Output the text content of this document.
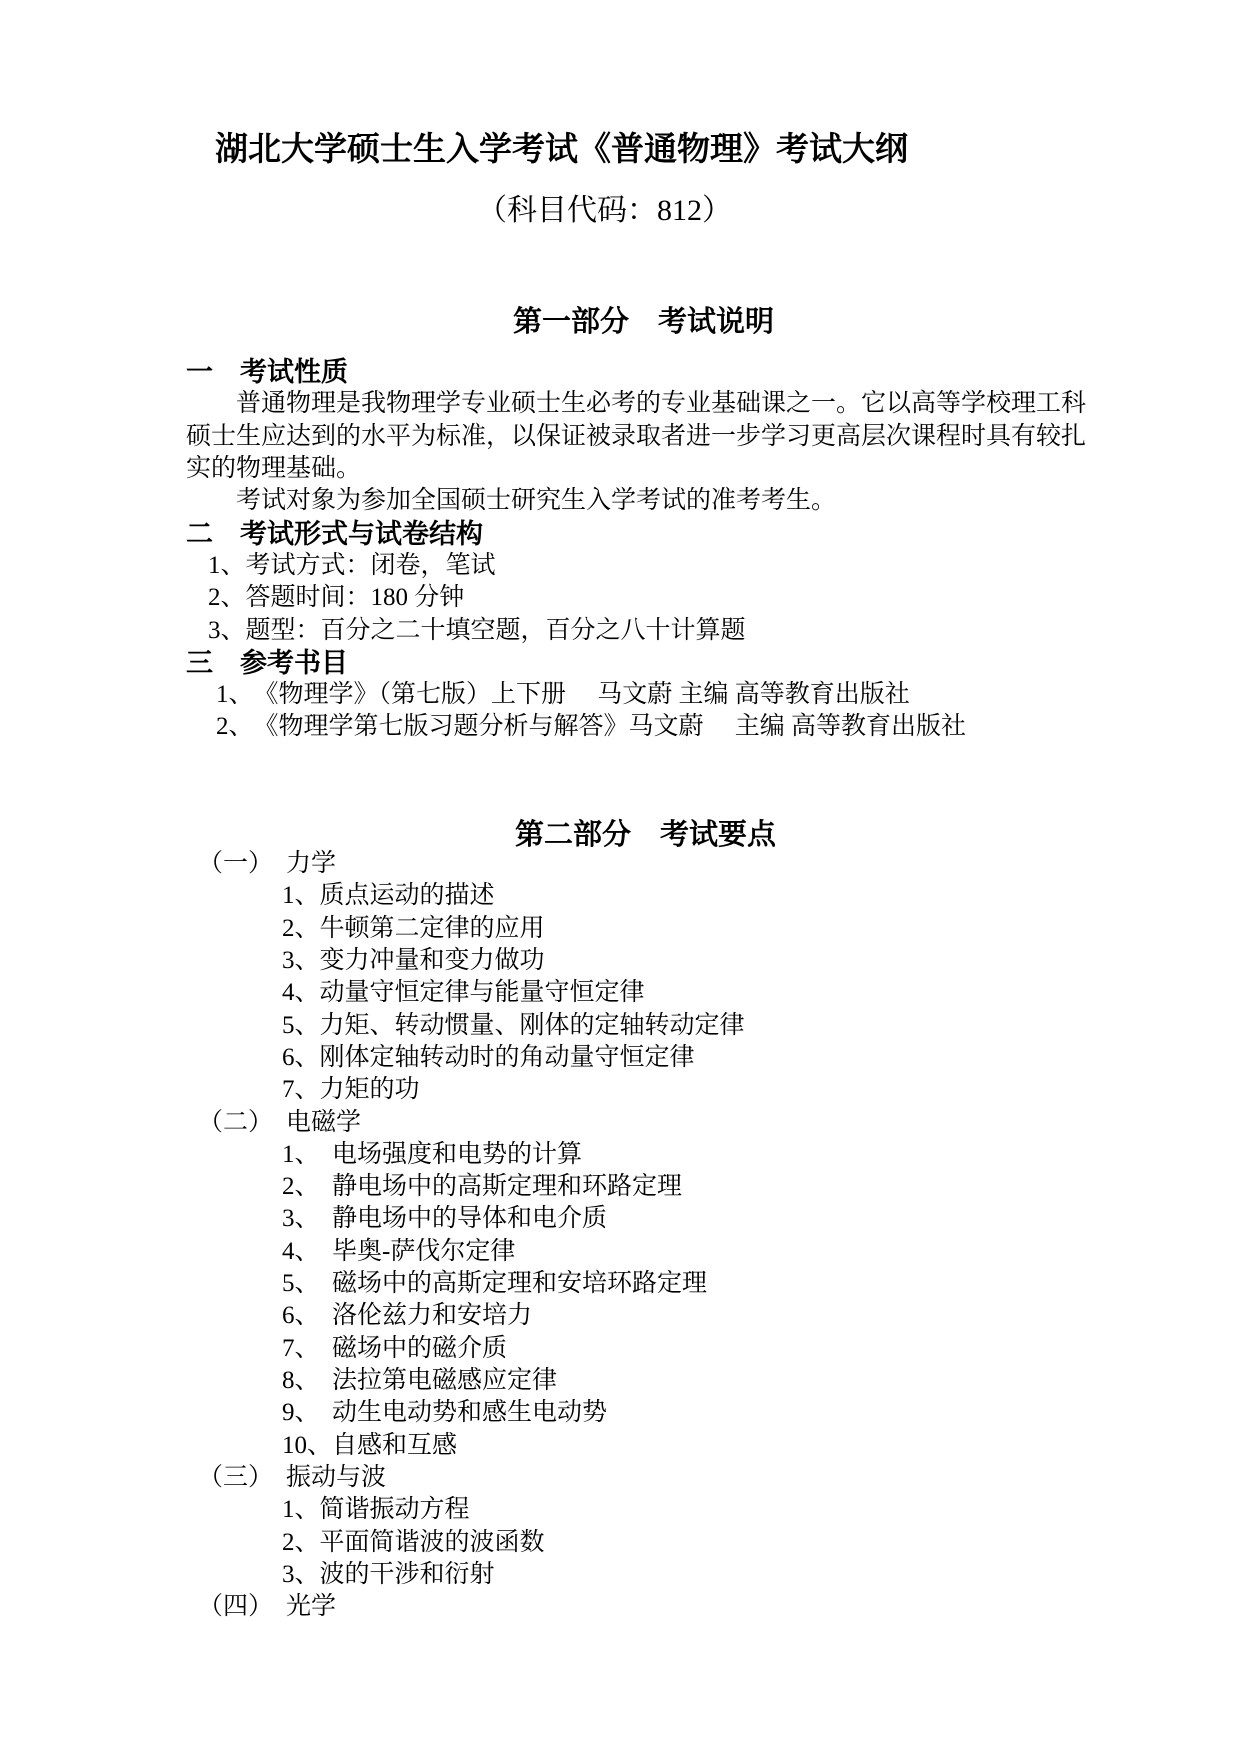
湖北大学硕士生入学考试《普通物理》考试大纲
（科目代码：812）
第一部分　考试说明
一 考试性质
普通物理是我物理学专业硕士生必考的专业基础课之一。它以高等学校理工科
硕士生应达到的水平为标准，以保证被录取者进一步学习更高层次课程时具有较扎
实的物理基础。
考试对象为参加全国硕士研究生入学考试的准考考生。
二 考试形式与试卷结构
1、考试方式：闭卷，笔试
2、答题时间：180 分钟
3、题型：百分之二十填空题，百分之八十计算题
三 参考书目
1、　《物理学》（第七版）上下册　 马文蔚 主编 高等教育出版社
2、　《物理学第七版习题分析与解答》马文蔚　 主编 高等教育出版社
第二部分　考试要点
（一） 力学
1、质点运动的描述
2、牛顿第二定律的应用
3、变力冲量和变力做功
4、动量守恒定律与能量守恒定律
5、力矩、转动惯量、刚体的定轴转动定律
6、刚体定轴转动时的角动量守恒定律
7、力矩的功
（二） 电磁学
1、  电场强度和电势的计算
2、  静电场中的高斯定理和环路定理
3、  静电场中的导体和电介质
4、  毕奥-萨伐尔定律
5、  磁场中的高斯定理和安培环路定理
6、  洛伦兹力和安培力
7、  磁场中的磁介质
8、  法拉第电磁感应定律
9、  动生电动势和感生电动势
10、自感和互感
（三） 振动与波
1、简谐振动方程
2、平面简谐波的波函数
3、波的干涉和衍射
（四） 光学
